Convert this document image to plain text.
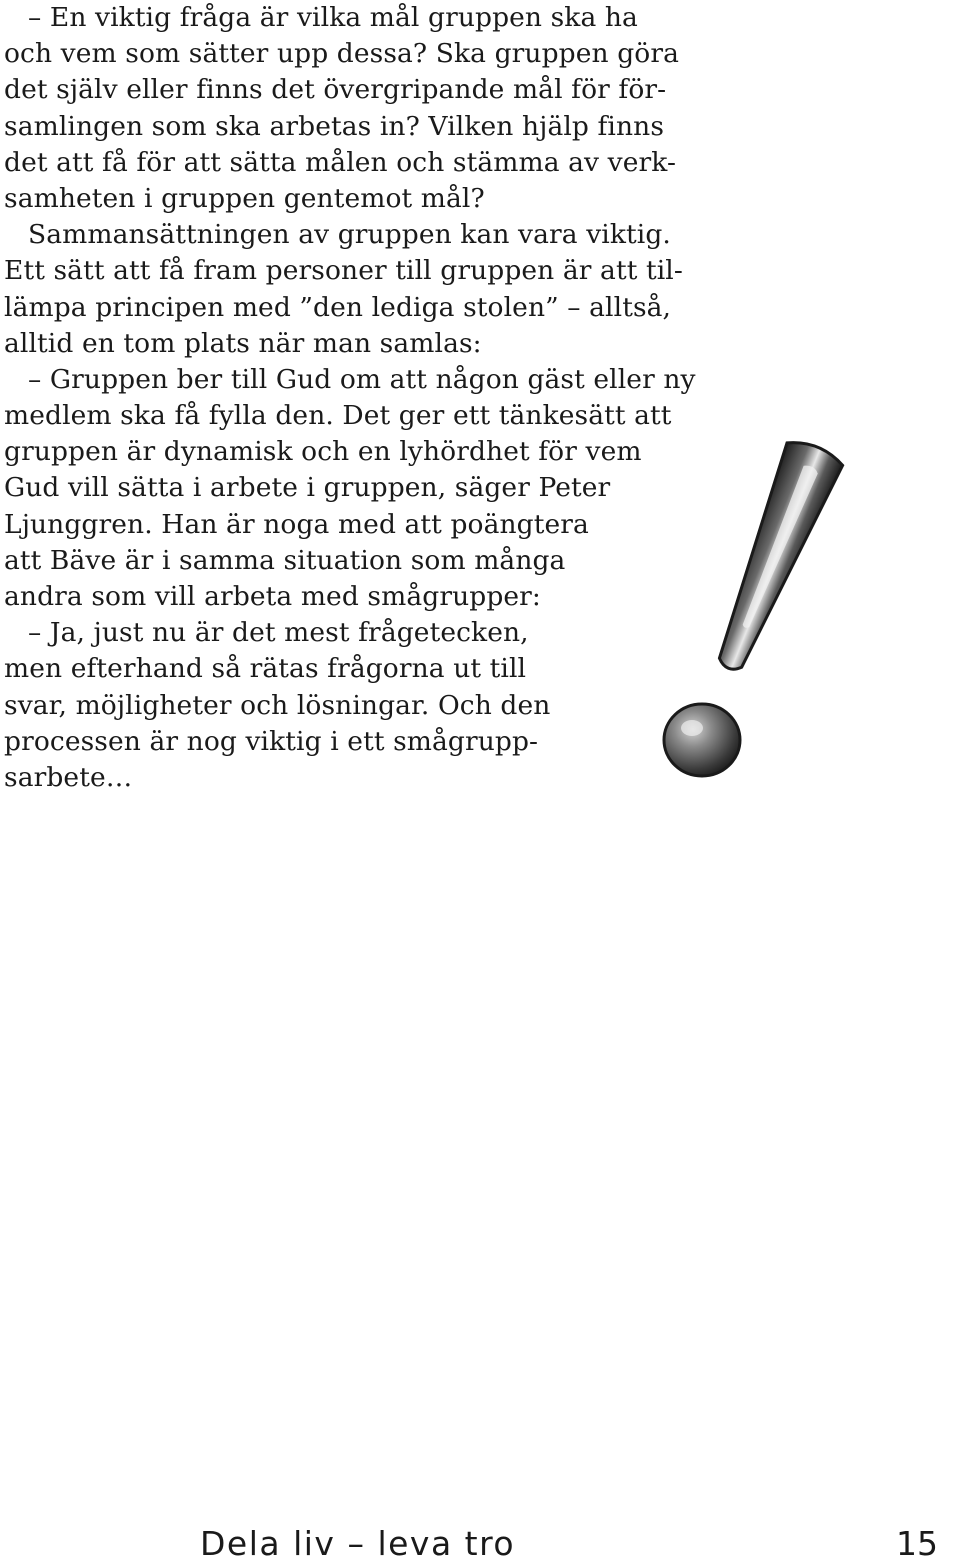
– En viktig fråga är vilka mål gruppen ska ha
och vem som sätter upp dessa? Ska gruppen göra
det själv eller finns det övergripande mål för för-
samlingen som ska arbetas in? Vilken hjälp finns
det att få för att sätta målen och stämma av verk-
samheten i gruppen gentemot mål?
Sammansättningen av gruppen kan vara viktig.
Ett sätt att få fram personer till gruppen är att til-
lämpa principen med ”den lediga stolen” – alltså,
alltid en tom plats när man samlas:
– Gruppen ber till Gud om att någon gäst eller ny
medlem ska få fylla den. Det ger ett tänkesätt att
gruppen är dynamisk och en lyhördhet för vem
Gud vill sätta i arbete i gruppen, säger Peter
Ljunggren. Han är noga med att poängtera
att Bäve är i samma situation som många
andra som vill arbeta med smågrupper:
– Ja, just nu är det mest frågetecken,
men efterhand så rätas frågorna ut till
svar, möjligheter och lösningar. Och den
processen är nog viktig i ett smågrupp-
sarbete…
Dela liv – leva tro	15
